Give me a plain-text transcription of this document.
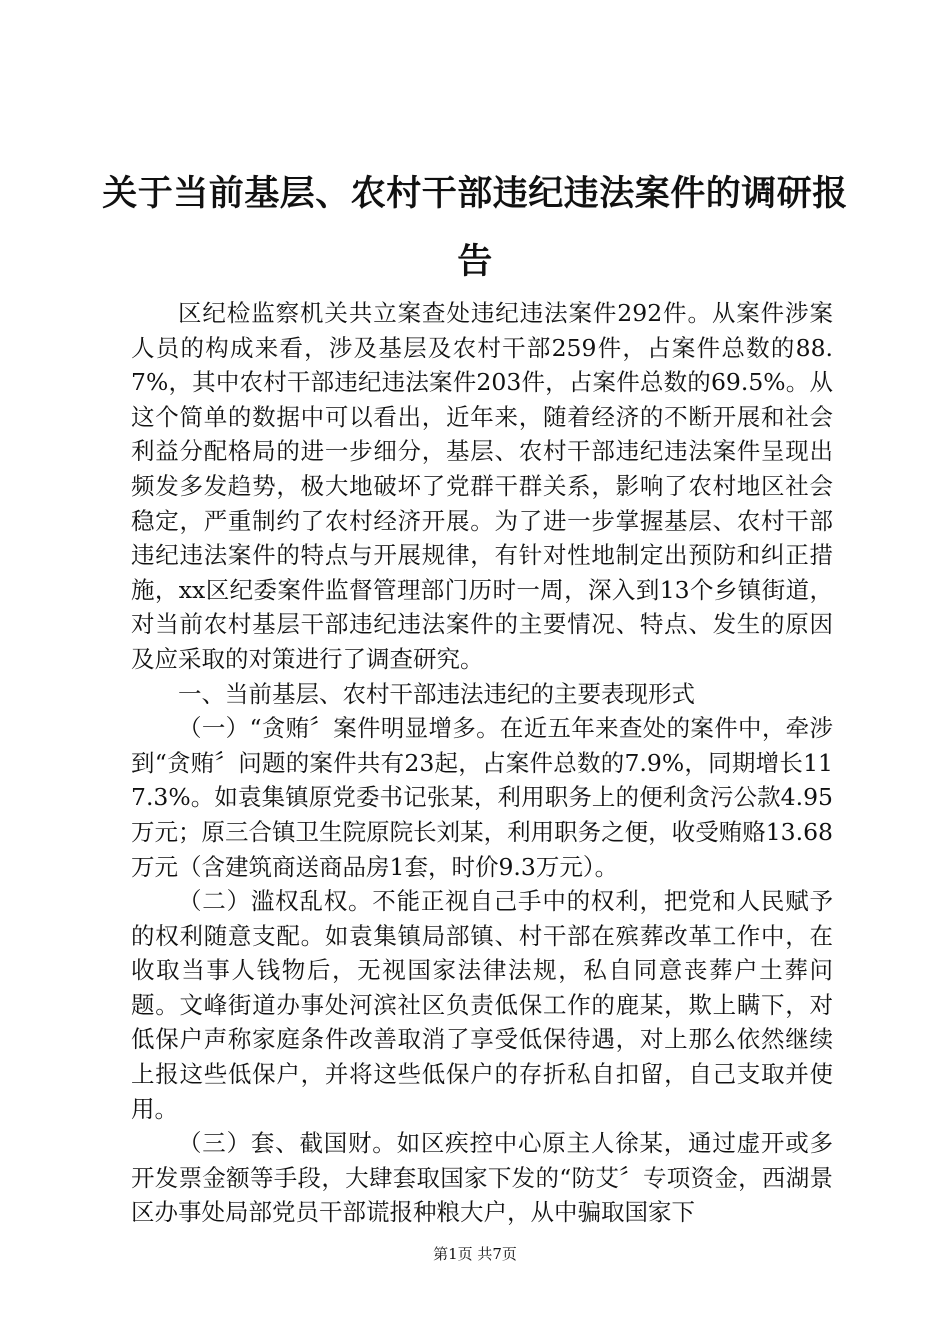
关于当前基层、农村干部违纪违法案件的调研报告

区纪检监察机关共立案查处违纪违法案件292件。从案件涉案人员的构成来看，涉及基层及农村干部259件，占案件总数的88.7%，其中农村干部违纪违法案件203件，占案件总数的69.5%。从这个简单的数据中可以看出，近年来，随着经济的不断开展和社会利益分配格局的进一步细分，基层、农村干部违纪违法案件呈现出频发多发趋势，极大地破坏了党群干群关系，影响了农村地区社会稳定，严重制约了农村经济开展。为了进一步掌握基层、农村干部违纪违法案件的特点与开展规律，有针对性地制定出预防和纠正措施，xx区纪委案件监督管理部门历时一周，深入到13个乡镇街道，对当前农村基层干部违纪违法案件的主要情况、特点、发生的原因及应采取的对策进行了调查研究。

一、当前基层、农村干部违法违纪的主要表现形式

（一）“贪贿〞案件明显增多。在近五年来查处的案件中，牵涉到“贪贿〞问题的案件共有23起，占案件总数的7.9%，同期增长117.3%。如袁集镇原党委书记张某，利用职务上的便利贪污公款4.95万元；原三合镇卫生院原院长刘某，利用职务之便，收受贿赂13.68万元（含建筑商送商品房1套，时价9.3万元）。

（二）滥权乱权。不能正视自己手中的权利，把党和人民赋予的权利随意支配。如袁集镇局部镇、村干部在殡葬改革工作中，在收取当事人钱物后，无视国家法律法规，私自同意丧葬户土葬问题。文峰街道办事处河滨社区负责低保工作的鹿某，欺上瞒下，对低保户声称家庭条件改善取消了享受低保待遇，对上那么依然继续上报这些低保户，并将这些低保户的存折私自扣留，自己支取并使用。

（三）套、截国财。如区疾控中心原主人徐某，通过虚开或多开发票金额等手段，大肆套取国家下发的“防艾〞专项资金，西湖景区办事处局部党员干部谎报种粮大户，从中骗取国家下

第1页 共7页
